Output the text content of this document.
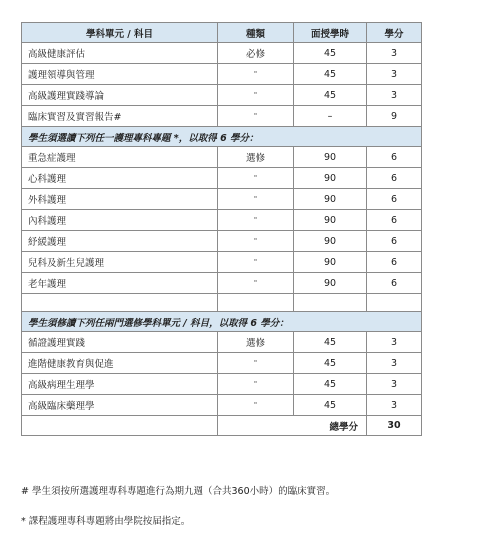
學科單元 / 科目	種類	面授學時	學分
高級健康評估	必修	45	3
護理領導與管理	"	45	3
高級護理實踐導論	"	45	3
臨床實習及實習報告#	"	–	9
學生須選讀下列任一護理專科專題 *，以取得 6 學分：			
重急症護理	選修	90	6
心科護理	"	90	6
外科護理	"	90	6
內科護理	"	90	6
紓緩護理	"	90	6
兒科及新生兒護理	"	90	6
老年護理	"	90	6

學生須修讀下列任兩門選修學科單元 / 科目，以取得 6 學分：			
循證護理實踐	選修	45	3
進階健康教育與促進	"	45	3
高級病理生理學	"	45	3
高級臨床藥理學	"	45	3
	總學分		30
# 學生須按所選護理專科專題進行為期九週（合共360小時）的臨床實習。
* 課程護理專科專題將由學院按届指定。
